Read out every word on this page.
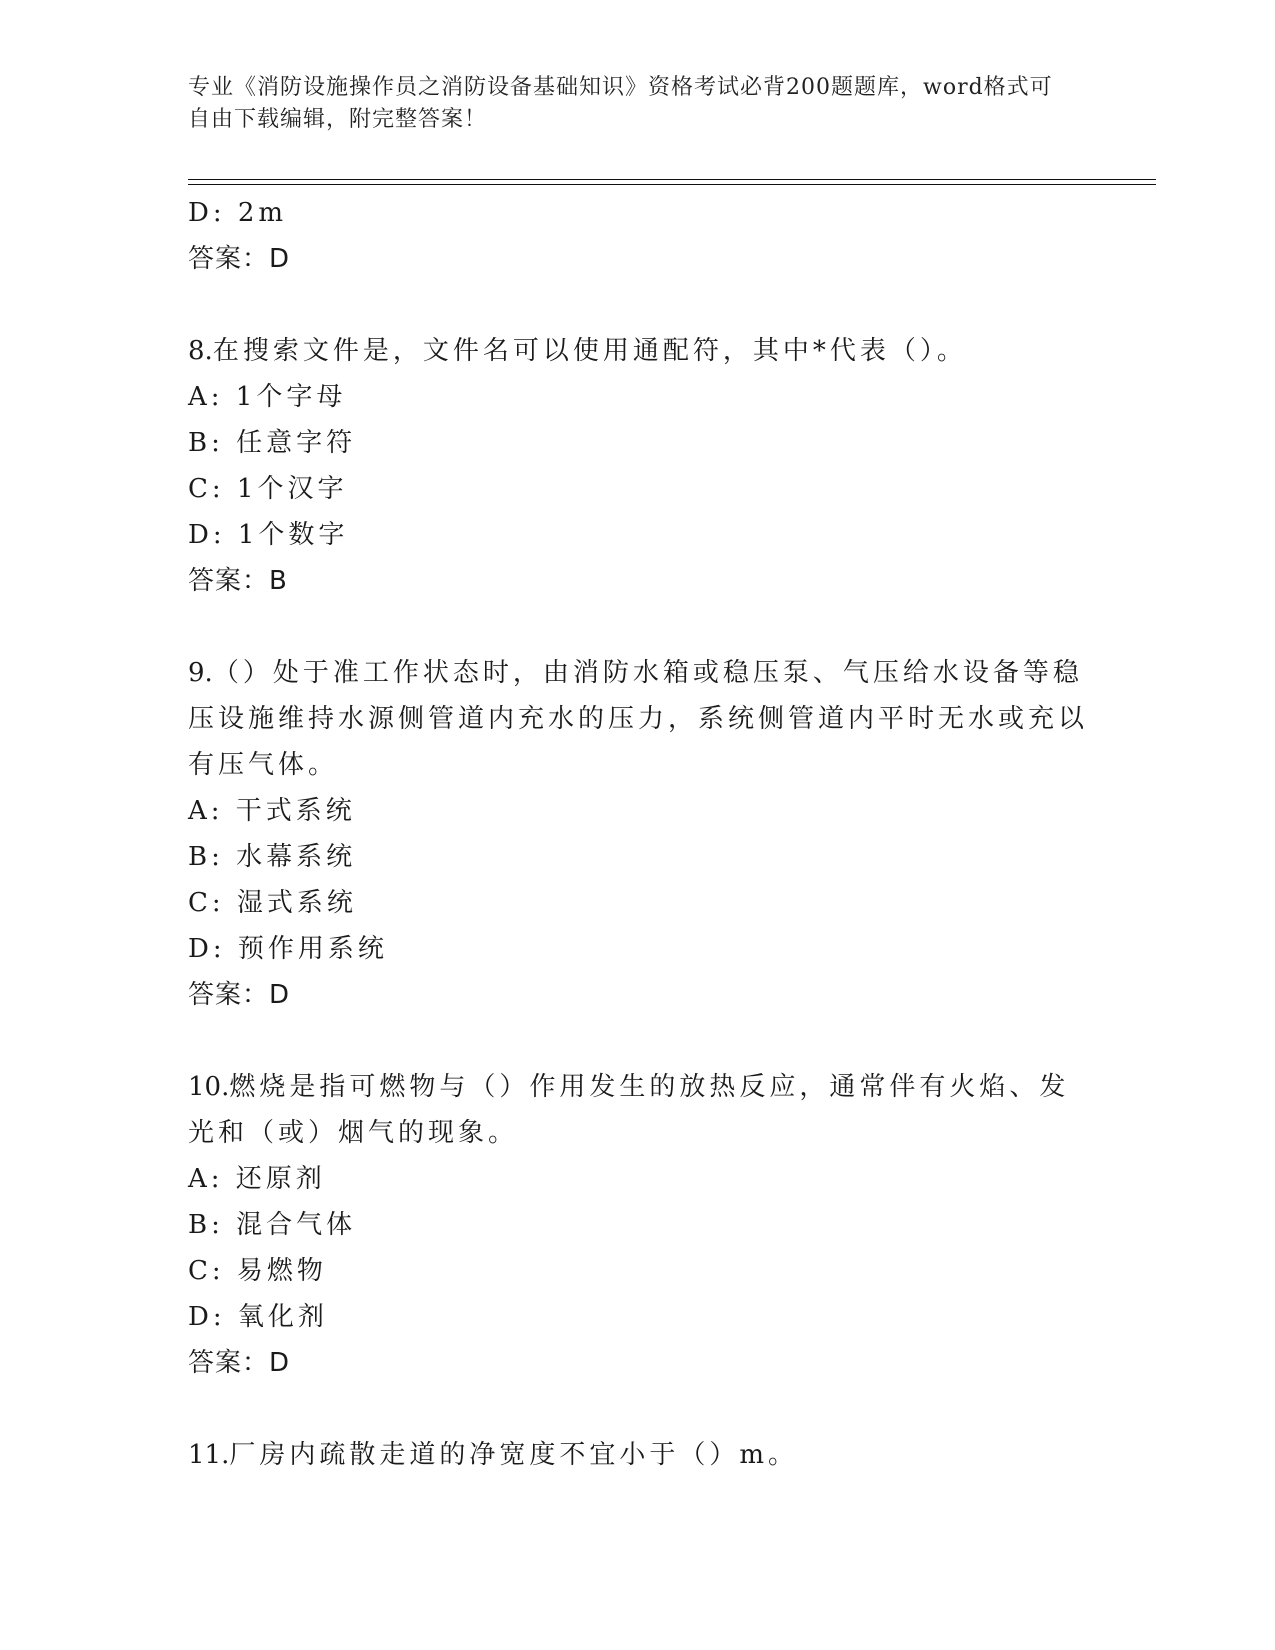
专业《消防设施操作员之消防设备基础知识》资格考试必背200题题库，word格式可自由下载编辑，附完整答案！

D: 2m

答案：D

8.在搜索文件是，文件名可以使用通配符，其中*代表（）。

A: 1个字母

B: 任意字符

C: 1个汉字

D: 1个数字

答案：B

9.（）处于准工作状态时，由消防水箱或稳压泵、气压给水设备等稳压设施维持水源侧管道内充水的压力，系统侧管道内平时无水或充以有压气体。

A: 干式系统

B: 水幕系统

C: 湿式系统

D: 预作用系统

答案：D

10.燃烧是指可燃物与（）作用发生的放热反应，通常伴有火焰、发光和（或）烟气的现象。

A: 还原剂

B: 混合气体

C: 易燃物

D: 氧化剂

答案：D

11.厂房内疏散走道的净宽度不宜小于（）m。
